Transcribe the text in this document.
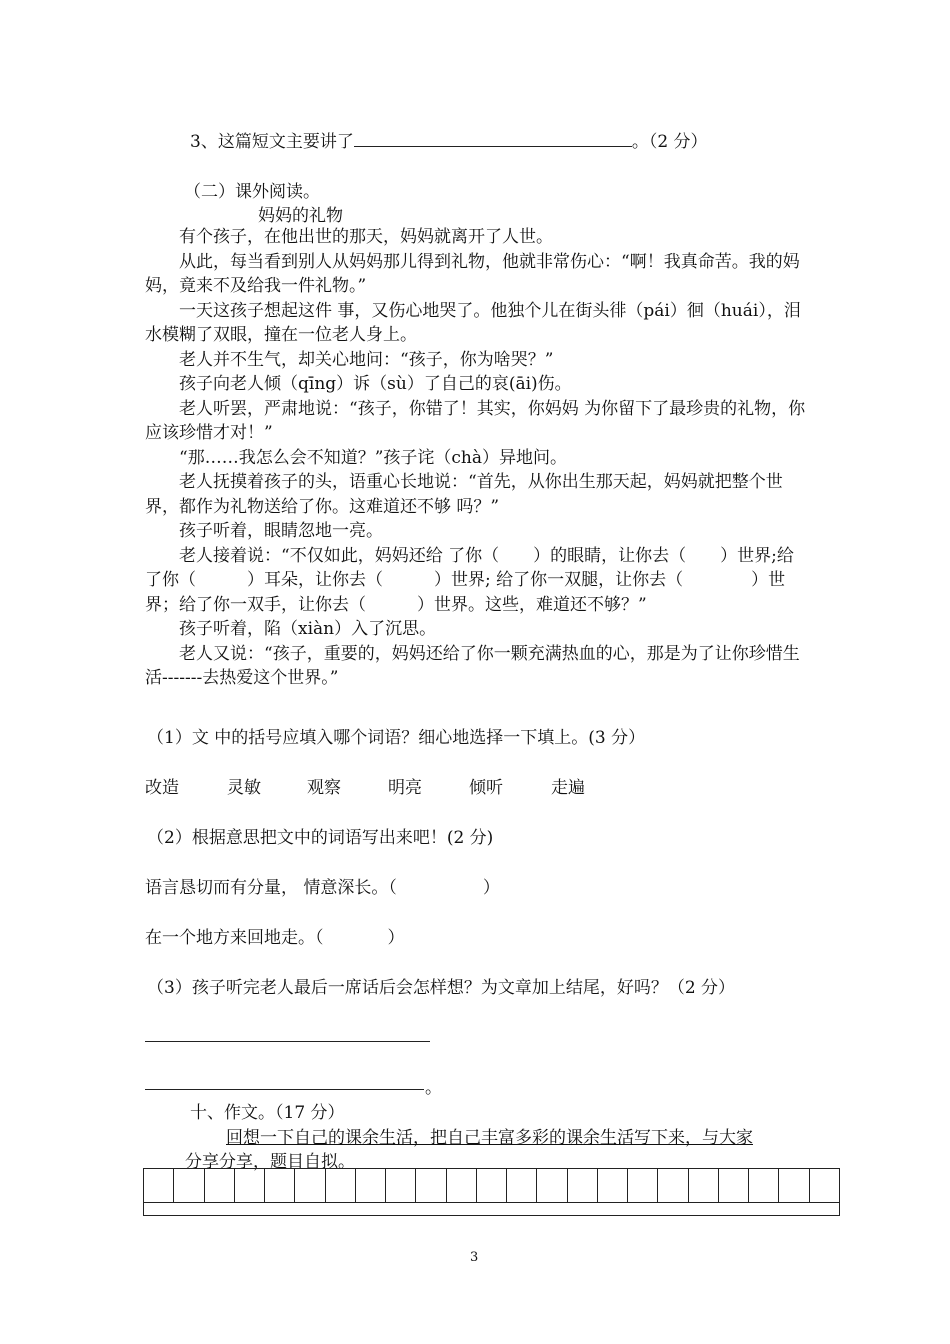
3、这篇短文主要讲了	。（2 分）
（二）课外阅读。
妈妈的礼物

有个孩子，在他出世的那天，妈妈就离开了人世。

从此，每当看到别人从妈妈那儿得到礼物，他就非常伤心：“啊！我真命苦。我的妈妈，竟来不及给我一件礼物。”

一天这孩子想起这件 事，又伤心地哭了。他独个儿在街头徘（pái）徊（huái），泪水模糊了双眼，撞在一位老人身上。

老人并不生气，却关心地问：“孩子，你为啥哭？”

孩子向老人倾（qīng）诉（sù）了自己的哀(āi)伤。

老人听罢，严肃地说：“孩子，你错了！其实，你妈妈 为你留下了最珍贵的礼物，你应该珍惜才对！”

“那……我怎么会不知道？”孩子诧（chà）异地问。

老人抚摸着孩子的头，语重心长地说：“首先，从你出生那天起，妈妈就把整个世界，都作为礼物送给了你。这难道还不够 吗？”

孩子听着，眼睛忽地一亮。

老人接着说：“不仅如此，妈妈还给 了你（　　）的眼睛，让你去（　　）世界;给了你（　　　）耳朵，让你去（　　　）世界; 给了你一双腿，让你去（　　　　）世界；给了你一双手，让你去（　　　）世界。这些，难道还不够？”

孩子听着，陷（xiàn）入了沉思。

老人又说：“孩子，重要的，妈妈还给了你一颗充满热血的心，那是为了让你珍惜生活-------去热爱这个世界。”

（1）文 中的括号应填入哪个词语？细心地选择一下填上。(3 分）
改造	灵敏	观察	明亮	倾听	走遍
（2）根据意思把文中的词语写出来吧！(2 分)
语言恳切而有分量， 情意深长。（	）
在一个地方来回地走。（	）
（3）孩子听完老人最后一席话后会怎样想？为文章加上结尾，好吗？（2 分）
。
十、作文。（17 分）
回想一下自己的课余生活，把自己丰富多彩的课余生活写下来，与大家
分享分享，题目自拟。

3
